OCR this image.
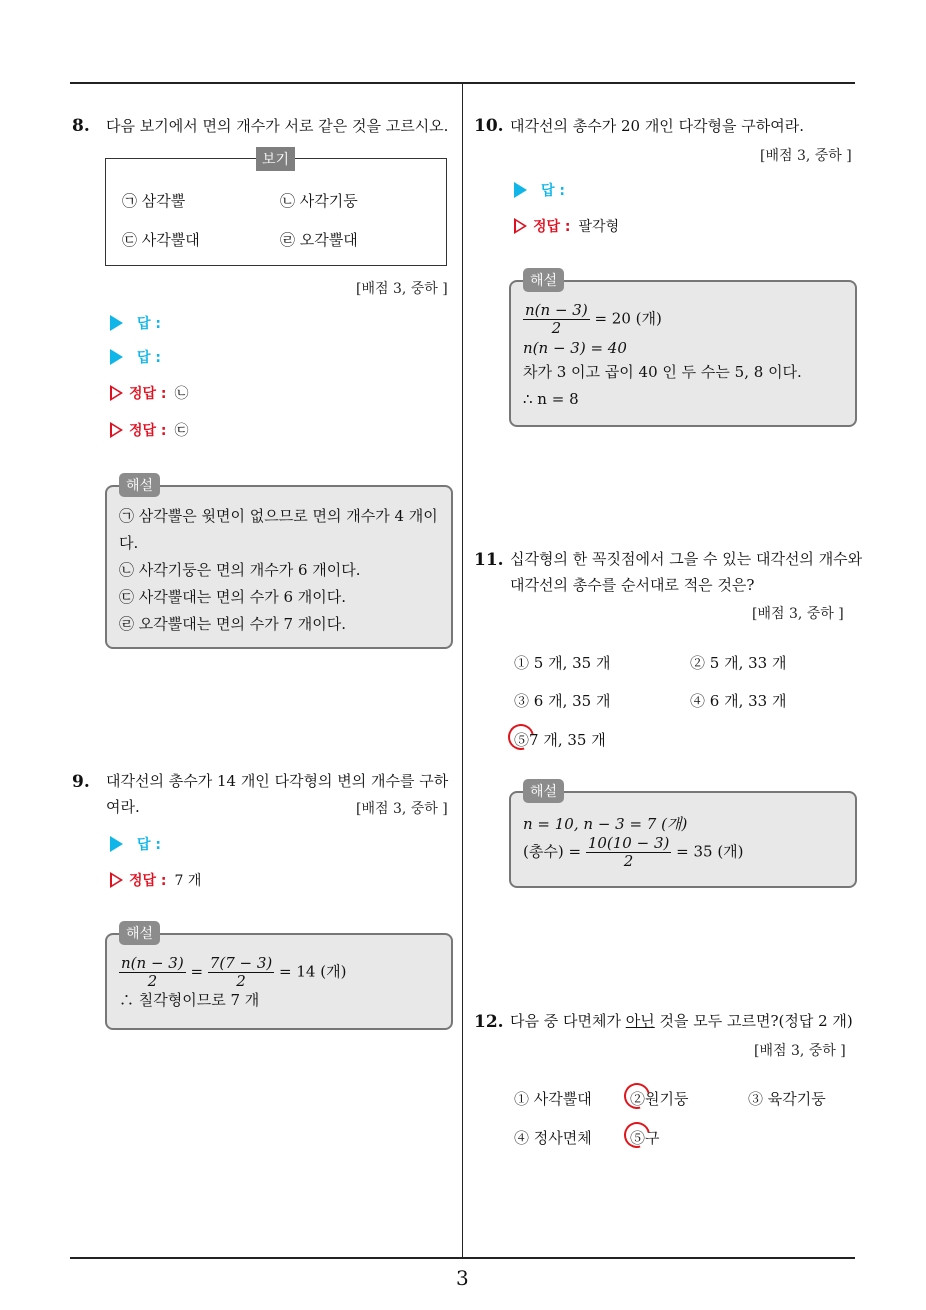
3
8. 다음 보기에서 면의 개수가 서로 같은 것을 고르시오.
보기
㉠ 삼각뿔	㉡ 사각기둥
㉢ 사각뿔대	㉣ 오각뿔대
[배점 3, 중하 ]
답 :
답 :
정답 : ㉡
정답 : ㉢
㉠ 삼각뿔은 윗면이 없으므로 면의 개수가 4 개이
다.
㉡ 사각기둥은 면의 개수가 6 개이다.
㉢ 사각뿔대는 면의 수가 6 개이다.
㉣ 오각뿔대는 면의 수가 7 개이다.
해설
9. 대각선의 총수가 14 개인 다각형의 변의 개수를 구하
여라.	[배점 3, 중하 ]
답 :
정답 : 7 개
$\frac{n(n - 3)}{2} = \frac{7(7 - 3)}{2} = 14$ (개)
∴ 칠각형이므로 7 개
해설
10. 대각선의 총수가 20 개인 다각형을 구하여라.
[배점 3, 중하 ]
답 :
정답 : 팔각형
$\frac{n(n - 3)}{2} = 20$ (개)
n(n − 3) = 40
차가 3 이고 곱이 40 인 두 수는 5, 8 이다.
∴ n = 8
해설
11. 십각형의 한 꼭짓점에서 그을 수 있는 대각선의 개수와
대각선의 총수를 순서대로 적은 것은?
[배점 3, 중하 ]
① 5 개, 35 개	② 5 개, 33 개
③ 6 개, 35 개	④ 6 개, 33 개
⑤7 개, 35 개
n = 10, n − 3 = 7 (개)
(총수) = $\frac{10(10 - 3)}{2} = 35$ (개)
해설
12. 다음 중 다면체가 아닌 것을 모두 고르면?(정답 2 개)
[배점 3, 중하 ]
① 사각뿔대	②원기둥	③ 육각기둥
④ 정사면체	⑤구
